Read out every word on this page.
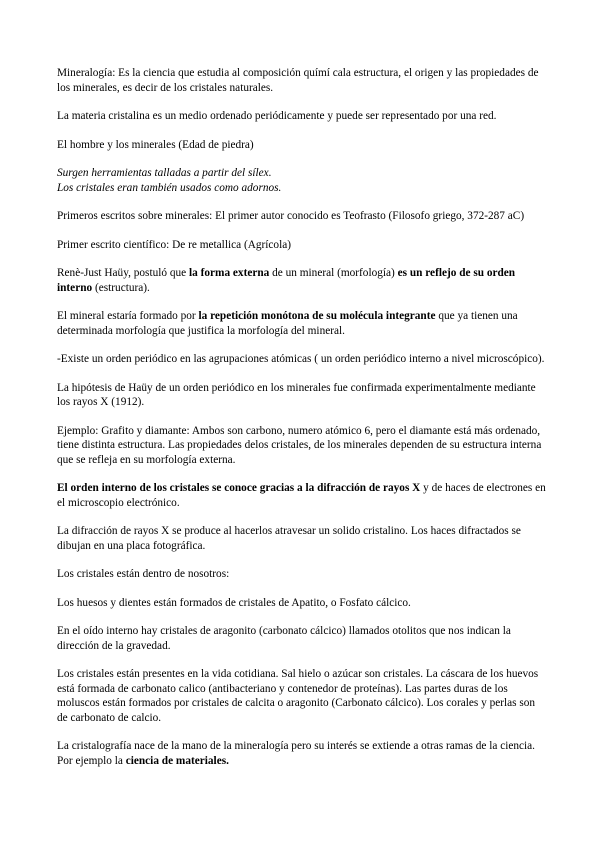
Mineralogía: Es la ciencia que estudia al composición químí cala estructura, el origen y las propiedades de los minerales, es decir de los cristales naturales.

La materia cristalina es un medio ordenado periódicamente y puede ser representado por una red.

El hombre y los minerales (Edad de piedra)

Surgen herramientas talladas a partir del sílex.
Los cristales eran también usados como adornos.

Primeros escritos sobre minerales: El primer autor conocido es Teofrasto (Filosofo griego, 372-287 aC)

Primer escrito científico: De re metallica (Agrícola)

Renè-Just Haüy, postuló que la forma externa de un mineral (morfología) es un reflejo de su orden interno (estructura).

El mineral estaría formado por la repetición monótona de su molécula integrante que ya tienen una determinada morfología que justifica la morfología del mineral.

-Existe un orden periódico en las agrupaciones atómicas ( un orden periódico interno a nivel microscópico).

La hipótesis de Haüy de un orden periódico en los minerales fue confirmada experimentalmente mediante los rayos X (1912).

Ejemplo: Grafito y diamante: Ambos son carbono, numero atómico 6, pero el diamante está más ordenado, tiene distinta estructura. Las propiedades delos cristales, de los minerales dependen de su estructura interna que se refleja en su morfología externa.

El orden interno de los cristales se conoce gracias a la difracción de rayos X y de haces de electrones en el microscopio electrónico.

La difracción de rayos X se produce al hacerlos atravesar un solido cristalino. Los haces difractados se dibujan en una placa fotográfica.

Los cristales están dentro de nosotros:

Los huesos y dientes están formados de cristales de Apatito, o Fosfato cálcico.

En el oído interno hay cristales de aragonito (carbonato cálcico) llamados otolitos que nos indican la dirección de la gravedad.

Los cristales están presentes en la vida cotidiana. Sal hielo o azúcar son cristales. La cáscara de los huevos está formada de carbonato calico (antibacteriano y contenedor de proteínas). Las partes duras de los moluscos están formados por cristales de calcita o aragonito (Carbonato cálcico). Los corales y perlas son de carbonato de calcio.

La cristalografía nace de la mano de la mineralogía pero su interés se extiende a otras ramas de la ciencia. Por ejemplo la ciencia de materiales.
